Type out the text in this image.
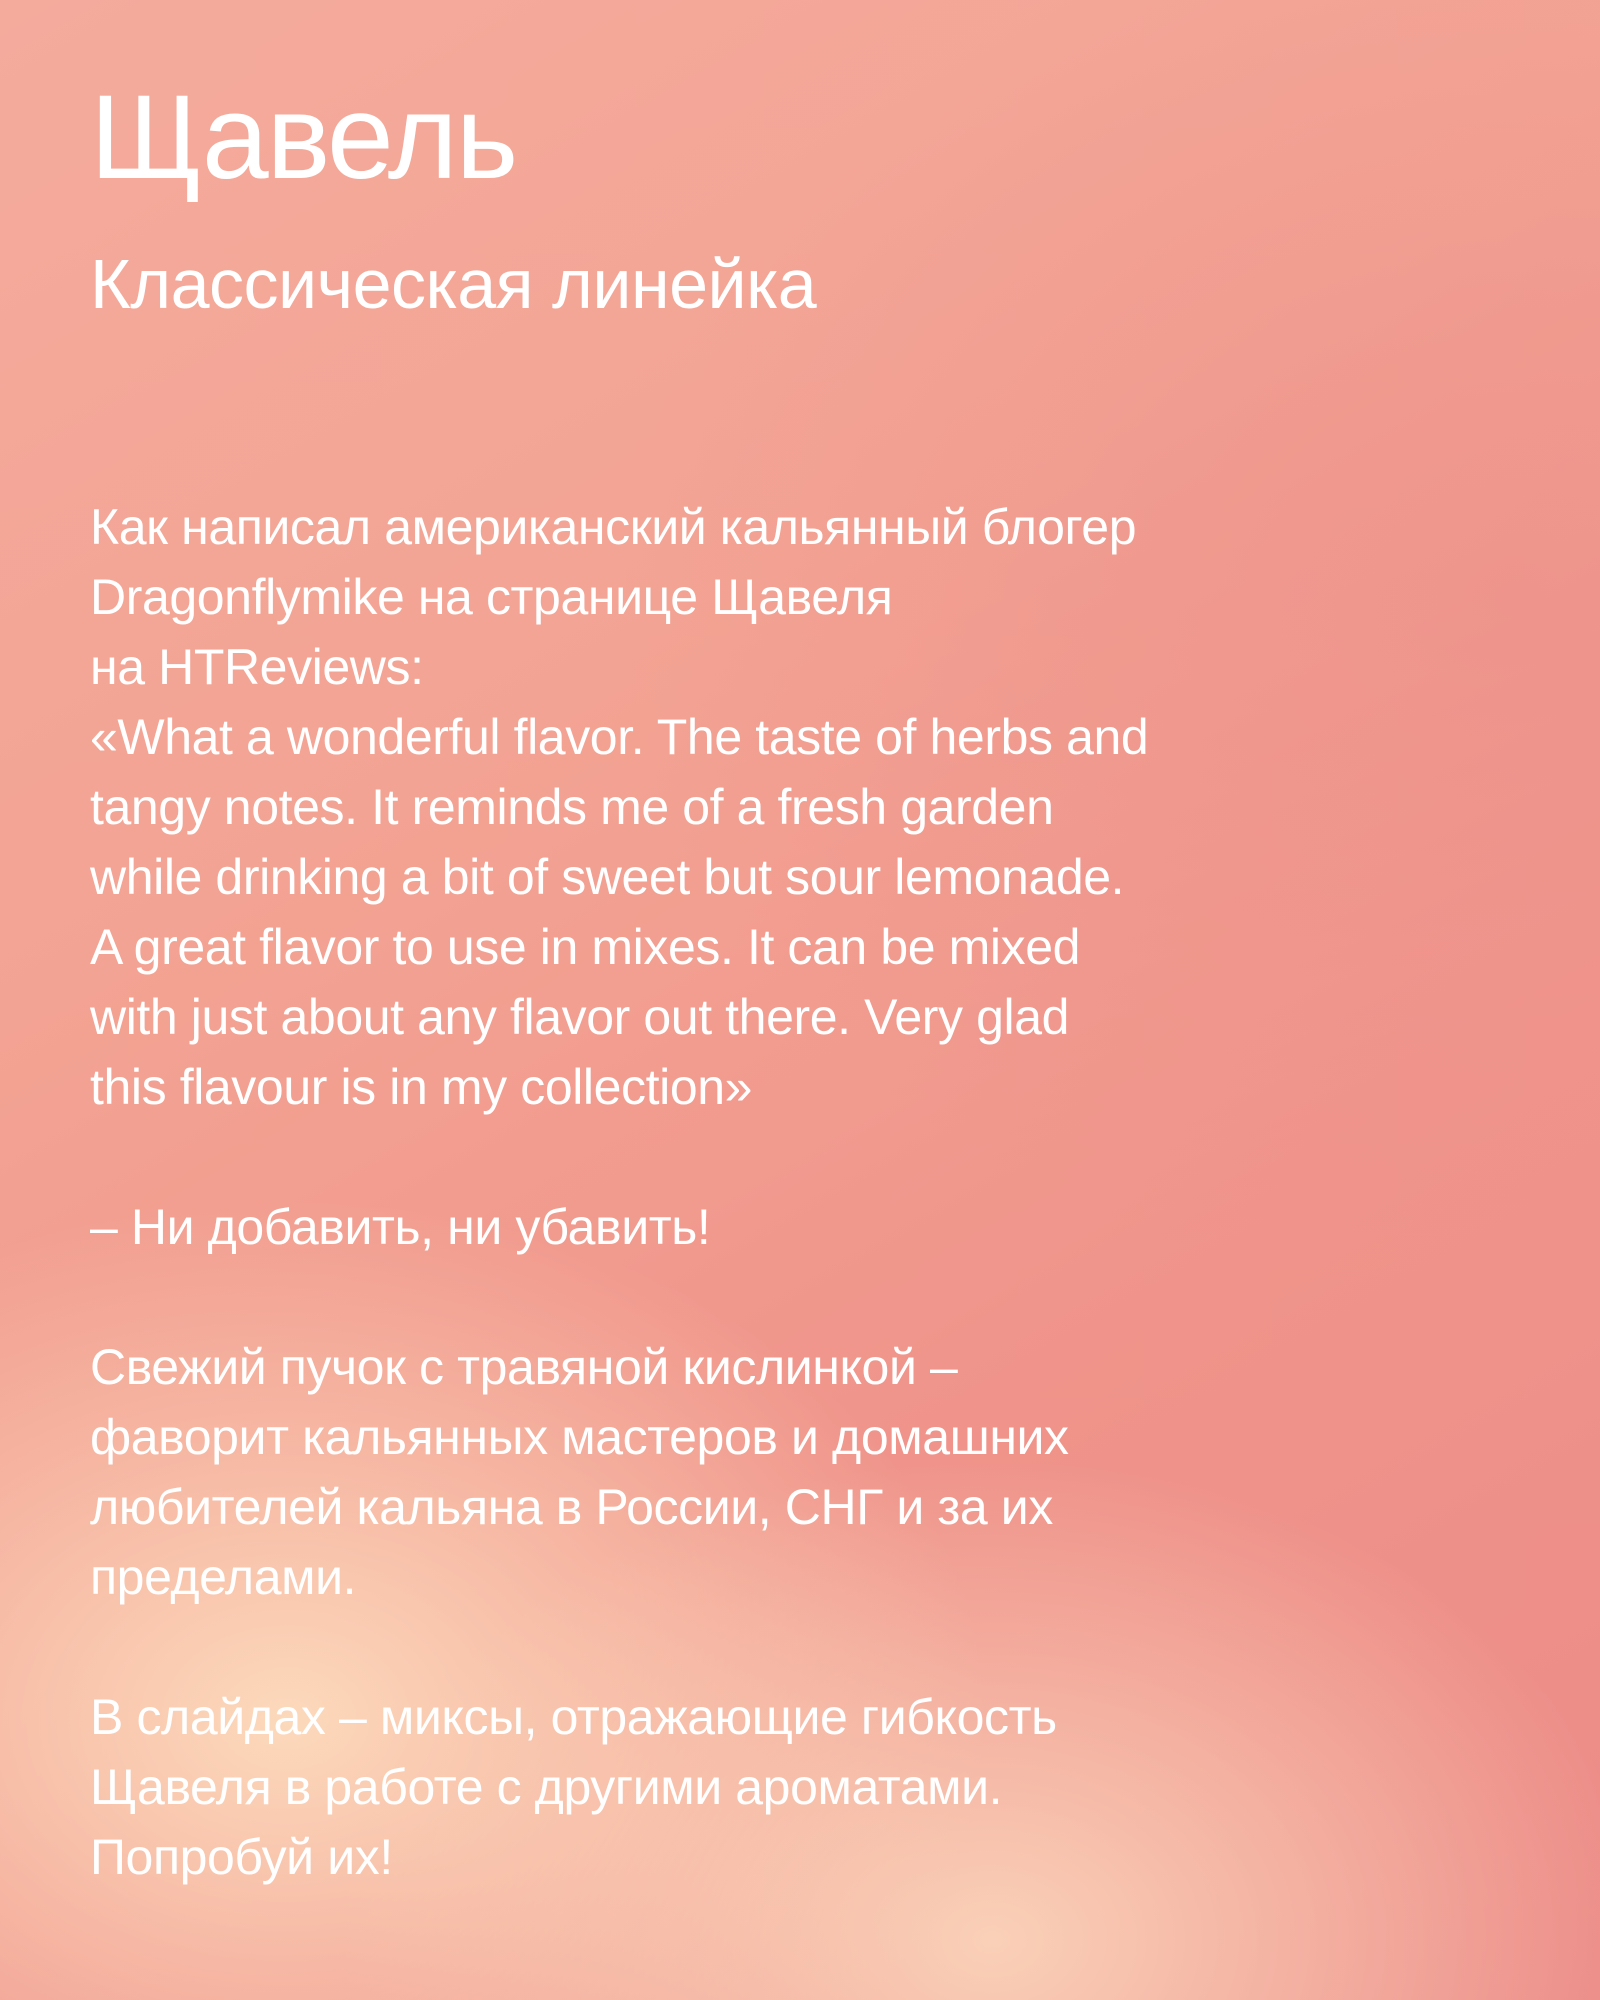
Щавель
Классическая линейка

Как написал американский кальянный блогер
Dragonflymike на странице Щавеля
на HTReviews:

«What a wonderful flavor. The taste of herbs and
tangy notes. It reminds me of a fresh garden
while drinking a bit of sweet but sour lemonade.
A great flavor to use in mixes. It can be mixed
with just about any flavor out there. Very glad
this flavour is in my collection»

– Ни добавить, ни убавить!

Свежий пучок с травяной кислинкой –
фаворит кальянных мастеров и домашних
любителей кальяна в России, СНГ и за их
пределами.

В слайдах – миксы, отражающие гибкость
Щавеля в работе с другими ароматами.
Попробуй их!
